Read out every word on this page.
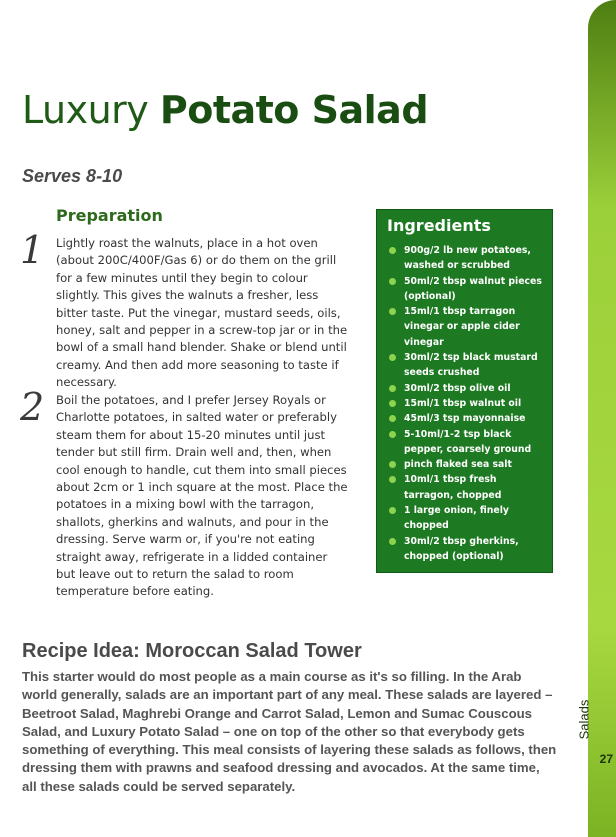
Salads
27
Luxury Potato Salad
Serves 8-10
Preparation
1 Lightly roast the walnuts, place in a hot oven (about 200C/400F/Gas 6) or do them on the grill for a few minutes until they begin to colour slightly. This gives the walnuts a fresher, less bitter taste. Put the vinegar, mustard seeds, oils, honey, salt and pepper in a screw-top jar or in the bowl of a small hand blender. Shake or blend until creamy. And then add more seasoning to taste if necessary.

2 Boil the potatoes, and I prefer Jersey Royals or Charlotte potatoes, in salted water or preferably steam them for about 15-20 minutes until just tender but still firm. Drain well and, then, when cool enough to handle, cut them into small pieces about 2cm or 1 inch square at the most. Place the potatoes in a mixing bowl with the tarragon, shallots, gherkins and walnuts, and pour in the dressing. Serve warm or, if you're not eating straight away, refrigerate in a lidded container but leave out to return the salad to room temperature before eating.

Ingredients
900g/2 lb new potatoes, washed or scrubbed
50ml/2 tbsp walnut pieces (optional)
15ml/1 tbsp tarragon vinegar or apple cider vinegar
30ml/2 tsp black mustard seeds crushed
30ml/2 tbsp olive oil
15ml/1 tbsp walnut oil
45ml/3 tsp mayonnaise
5-10ml/1-2 tsp black pepper, coarsely ground
pinch flaked sea salt
10ml/1 tbsp fresh tarragon, chopped
1 large onion, finely chopped
30ml/2 tbsp gherkins, chopped (optional)
Recipe Idea: Moroccan Salad Tower

This starter would do most people as a main course as it's so filling. In the Arab world generally, salads are an important part of any meal. These salads are layered – Beetroot Salad, Maghrebi Orange and Carrot Salad, Lemon and Sumac Couscous Salad, and Luxury Potato Salad – one on top of the other so that everybody gets something of everything. This meal consists of layering these salads as follows, then dressing them with prawns and seafood dressing and avocados. At the same time, all these salads could be served separately.
